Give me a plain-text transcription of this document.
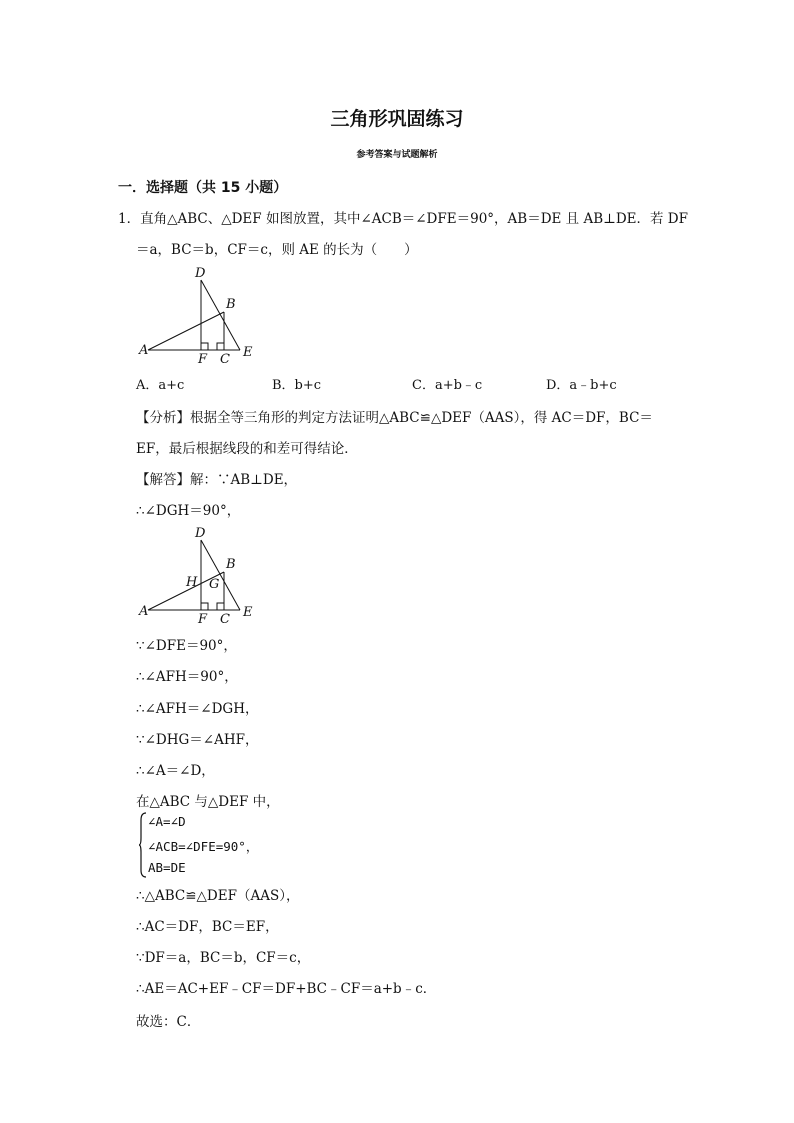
三角形巩固练习
参考答案与试题解析
一．选择题（共 15 小题）
1．直角△ABC、△DEF 如图放置，其中∠ACB＝∠DFE＝90°，AB＝DE 且 AB⊥DE．若 DF
＝a，BC＝b，CF＝c，则 AE 的长为（　　）
D
B
A
F C E
A．a+c	B．b+c	C．a+b﹣c	D．a﹣b+c
【分析】根据全等三角形的判定方法证明△ABC≌△DEF（AAS），得 AC＝DF，BC＝
EF，最后根据线段的和差可得结论．
【解答】解：∵AB⊥DE，
∴∠DGH＝90°，
D
B
H G
A
F C E
∵∠DFE＝90°，
∴∠AFH＝90°，
∴∠AFH＝∠DGH，
∵∠DHG＝∠AHF，
∴∠A＝∠D，
在△ABC 与△DEF 中，
∠A=∠D
∠ACB=∠DFE=90°，
AB=DE
∴△ABC≌△DEF（AAS），
∴AC＝DF，BC＝EF，
∵DF＝a，BC＝b，CF＝c，
∴AE＝AC+EF﹣CF＝DF+BC﹣CF＝a+b﹣c．
故选：C．
